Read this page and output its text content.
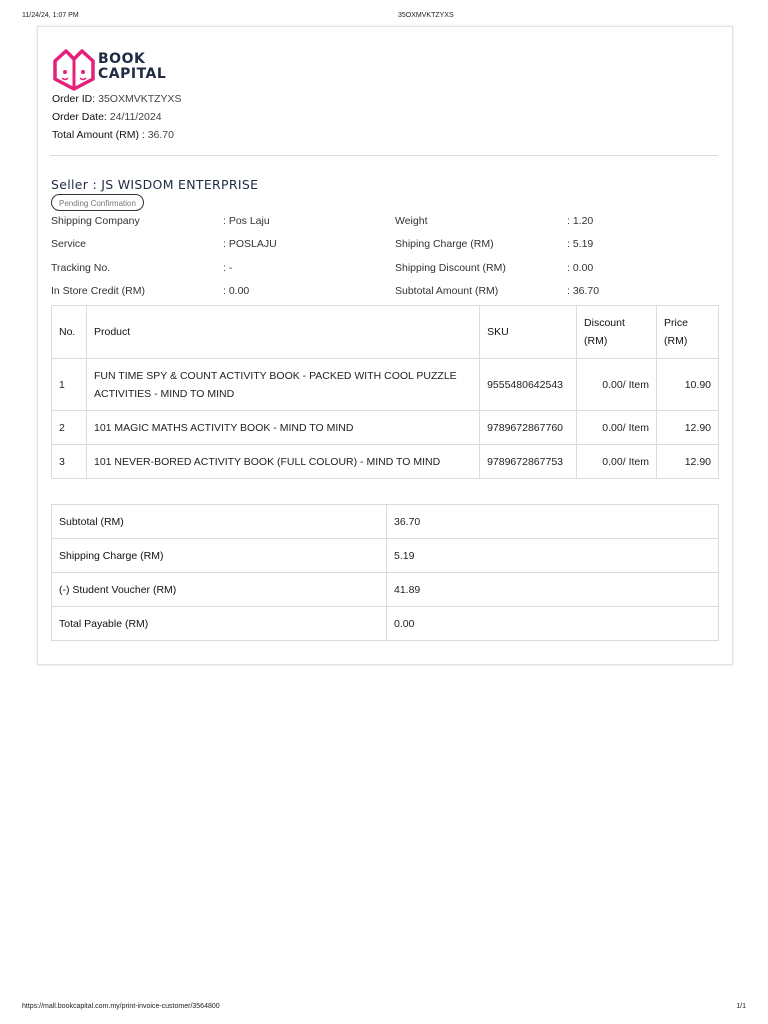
11/24/24, 1:07 PM	35OXMVKTZYXS
BOOK
CAPITAL
Order ID: 35OXMVKTZYXS
Order Date: 24/11/2024
Total Amount (RM) : 36.70
Seller : JS WISDOM ENTERPRISE
Pending Confirmation
Shipping Company	: Pos Laju
Service	: POSLAJU
Tracking No.	: -
In Store Credit (RM)	: 0.00
Weight	: 1.20
Shiping Charge (RM)	: 5.19
Shipping Discount (RM)	: 0.00
Subtotal Amount (RM)	: 36.70
No.	Product	SKU	Discount (RM)	Price (RM)
1	FUN TIME SPY & COUNT ACTIVITY BOOK - PACKED WITH COOL PUZZLE ACTIVITIES - MIND TO MIND	9555480642543	0.00/ Item	10.90
2	101 MAGIC MATHS ACTIVITY BOOK - MIND TO MIND	9789672867760	0.00/ Item	12.90
3	101 NEVER-BORED ACTIVITY BOOK (FULL COLOUR) - MIND TO MIND	9789672867753	0.00/ Item	12.90
Subtotal (RM)	36.70
Shipping Charge (RM)	5.19
(-) Student Voucher (RM)	41.89
Total Payable (RM)	0.00
https://mall.bookcapital.com.my/print-invoice-customer/3564800	1/1
